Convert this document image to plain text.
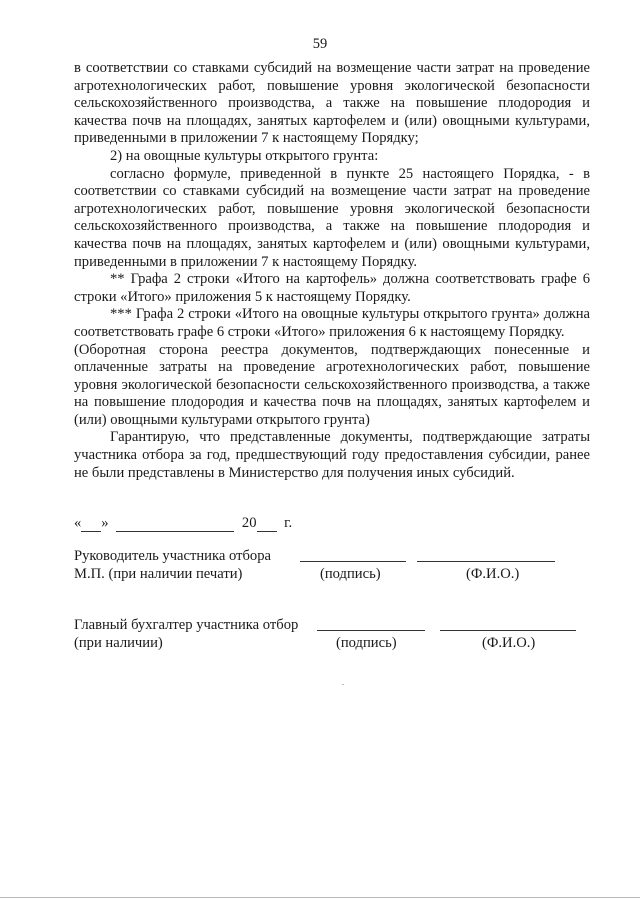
59

в соответствии со ставками субсидий на возмещение части затрат на проведение агротехнологических работ, повышение уровня экологической безопасности сельскохозяйственного производства, а также на повышение плодородия и качества почв на площадях, занятых картофелем и (или) овощными культурами, приведенными в приложении 7 к настоящему Порядку;

2) на овощные культуры открытого грунта:

согласно формуле, приведенной в пункте 25 настоящего Порядка, - в соответствии со ставками субсидий на возмещение части затрат на проведение агротехнологических работ, повышение уровня экологической безопасности сельскохозяйственного производства, а также на повышение плодородия и качества почв на площадях, занятых картофелем и (или) овощными культурами, приведенными в приложении 7 к настоящему Порядку.

** Графа 2 строки «Итого на картофель» должна соответствовать графе 6 строки «Итого» приложения 5 к настоящему Порядку.

*** Графа 2 строки «Итого на овощные культуры открытого грунта» должна соответствовать графе 6 строки «Итого» приложения 6 к настоящему Порядку.

(Оборотная сторона реестра документов, подтверждающих понесенные и оплаченные затраты на проведение агротехнологических работ, повышение уровня экологической безопасности сельскохозяйственного производства, а также на повышение плодородия и качества почв на площадях, занятых картофелем и (или) овощными культурами открытого грунта)

Гарантирую, что представленные документы, подтверждающие затраты участника отбора за год, предшествующий году предоставления субсидии, ранее не были представлены в Министерство для получения иных субсидий.

« »	20 г.
Руководитель участника отбора
М.П. (при наличии печати)	(подпись)	(Ф.И.О.)
Главный бухгалтер участника отбор
(при наличии)	(подпись)	(Ф.И.О.)
